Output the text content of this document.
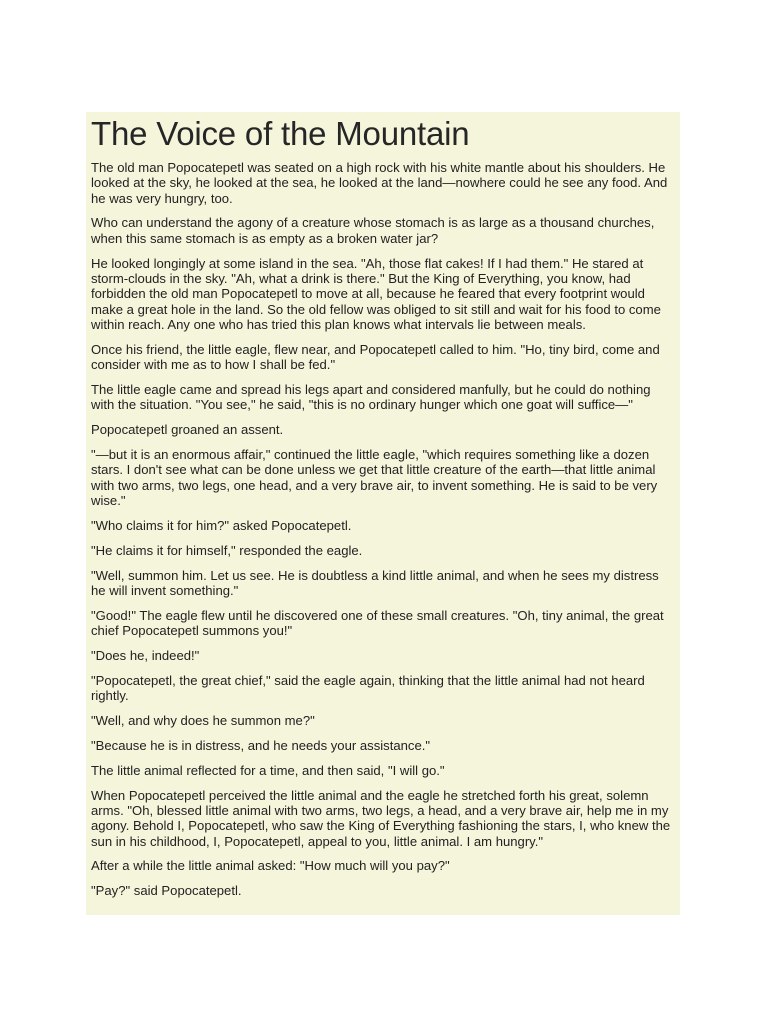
The Voice of the Mountain

The old man Popocatepetl was seated on a high rock with his white mantle about his shoulders. He looked at the sky, he looked at the sea, he looked at the land—nowhere could he see any food. And he was very hungry, too.

Who can understand the agony of a creature whose stomach is as large as a thousand churches, when this same stomach is as empty as a broken water jar?

He looked longingly at some island in the sea. "Ah, those flat cakes! If I had them." He stared at storm-clouds in the sky. "Ah, what a drink is there." But the King of Everything, you know, had forbidden the old man Popocatepetl to move at all, because he feared that every footprint would make a great hole in the land. So the old fellow was obliged to sit still and wait for his food to come within reach. Any one who has tried this plan knows what intervals lie between meals.

Once his friend, the little eagle, flew near, and Popocatepetl called to him. "Ho, tiny bird, come and consider with me as to how I shall be fed."

The little eagle came and spread his legs apart and considered manfully, but he could do nothing with the situation. "You see," he said, "this is no ordinary hunger which one goat will suffice—"

Popocatepetl groaned an assent.

"—but it is an enormous affair," continued the little eagle, "which requires something like a dozen stars. I don't see what can be done unless we get that little creature of the earth—that little animal with two arms, two legs, one head, and a very brave air, to invent something. He is said to be very wise."

"Who claims it for him?" asked Popocatepetl.

"He claims it for himself," responded the eagle.

"Well, summon him. Let us see. He is doubtless a kind little animal, and when he sees my distress he will invent something."

"Good!" The eagle flew until he discovered one of these small creatures. "Oh, tiny animal, the great chief Popocatepetl summons you!"

"Does he, indeed!"

"Popocatepetl, the great chief," said the eagle again, thinking that the little animal had not heard rightly.

"Well, and why does he summon me?"

"Because he is in distress, and he needs your assistance."

The little animal reflected for a time, and then said, "I will go."

When Popocatepetl perceived the little animal and the eagle he stretched forth his great, solemn arms. "Oh, blessed little animal with two arms, two legs, a head, and a very brave air, help me in my agony. Behold I, Popocatepetl, who saw the King of Everything fashioning the stars, I, who knew the sun in his childhood, I, Popocatepetl, appeal to you, little animal. I am hungry."

After a while the little animal asked: "How much will you pay?"

"Pay?" said Popocatepetl.
